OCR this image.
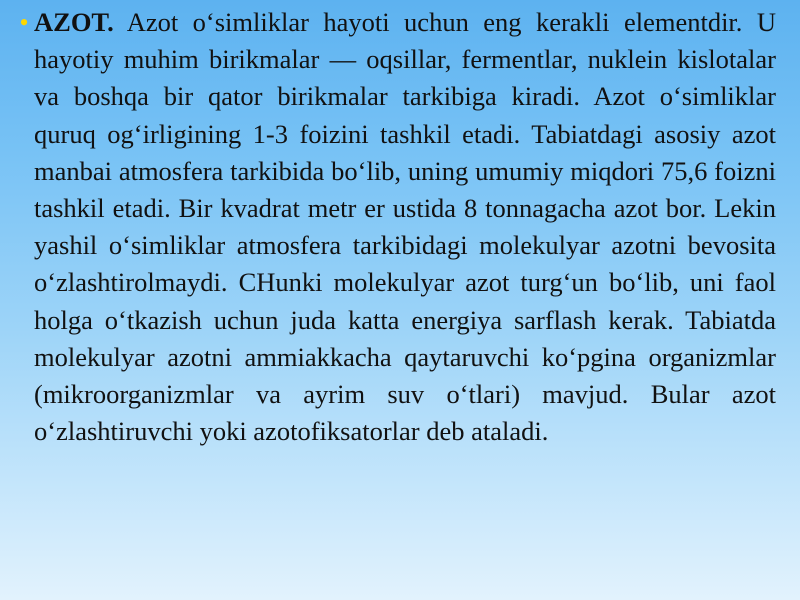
• AZOT. Azot o‘simliklar hayoti uchun eng kerakli elementdir. U hayotiy muhim birikmalar — oqsillar, fermentlar, nuklein kislotalar va boshqa bir qator birikmalar tarkibiga kiradi. Azot o‘simliklar quruq og‘irligining 1-3 foizini tashkil etadi. Tabiatdagi asosiy azot manbai atmosfera tarkibida bo‘lib, uning umumiy miqdori 75,6 foizni tashkil etadi. Bir kvadrat metr er ustida 8 tonnagacha azot bor. Lekin yashil o‘simliklar atmosfera tarkibidagi molekulyar azotni bevosita o‘zlashtirolmaydi. CHunki molekulyar azot turg‘un bo‘lib, uni faol holga o‘tkazish uchun juda katta energiya sarflash kerak. Tabiatda molekulyar azotni ammiakkacha qaytaruvchi ko‘pgina organizmlar (mikroorganizmlar va ayrim suv o‘tlari) mavjud. Bular azot o‘zlashtiruvchi yoki azotofiksatorlar deb ataladi.
